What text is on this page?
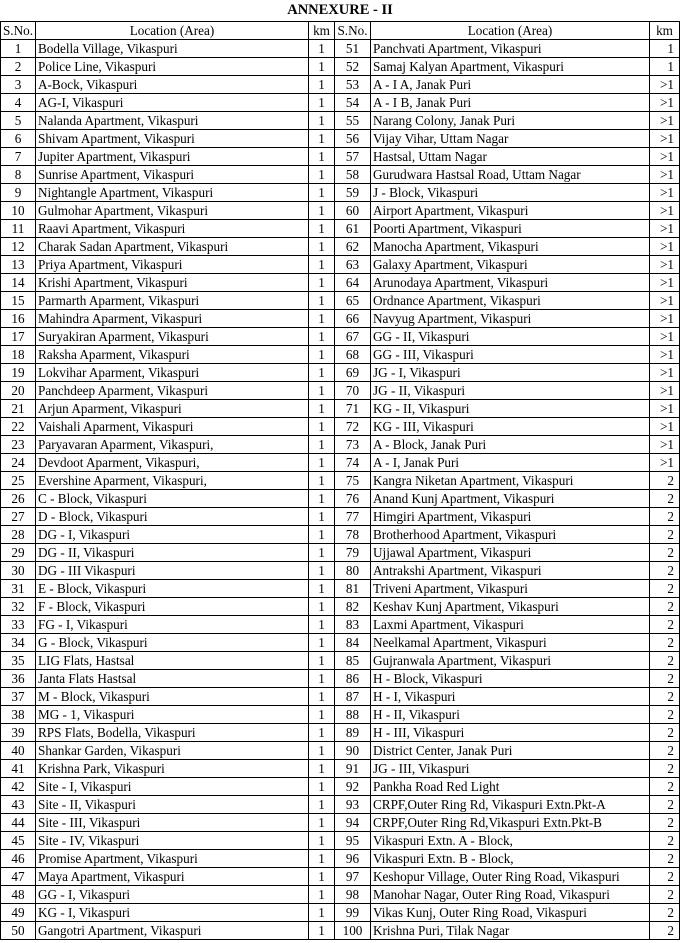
ANNEXURE - II
S.No.	Location (Area)	km	S.No.	Location (Area)	km
1	Bodella Village, Vikaspuri	1	51	Panchvati Apartment, Vikaspuri	1
2	Police Line, Vikaspuri	1	52	Samaj Kalyan Apartment, Vikaspuri	1
3	A-Bock, Vikaspuri	1	53	A - I A, Janak Puri	>1
4	AG-I, Vikaspuri	1	54	A - I B, Janak Puri	>1
5	Nalanda Apartment, Vikaspuri	1	55	Narang Colony, Janak Puri	>1
6	Shivam Apartment, Vikaspuri	1	56	Vijay Vihar, Uttam Nagar	>1
7	Jupiter Apartment, Vikaspuri	1	57	Hastsal, Uttam Nagar	>1
8	Sunrise Apartment, Vikaspuri	1	58	Gurudwara Hastsal Road, Uttam Nagar	>1
9	Nightangle Apartment, Vikaspuri	1	59	J - Block, Vikaspuri	>1
10	Gulmohar Apartment, Vikaspuri	1	60	Airport Apartment, Vikaspuri	>1
11	Raavi Apartment, Vikaspuri	1	61	Poorti Apartment, Vikaspuri	>1
12	Charak Sadan Apartment, Vikaspuri	1	62	Manocha Apartment, Vikaspuri	>1
13	Priya Apartment, Vikaspuri	1	63	Galaxy Apartment, Vikaspuri	>1
14	Krishi Apartment, Vikaspuri	1	64	Arunodaya Apartment, Vikaspuri	>1
15	Parmarth Aparment, Vikaspuri	1	65	Ordnance Apartment, Vikaspuri	>1
16	Mahindra Aparment, Vikaspuri	1	66	Navyug Apartment, Vikaspuri	>1
17	Suryakiran Aparment, Vikaspuri	1	67	GG - II, Vikaspuri	>1
18	Raksha Aparment, Vikaspuri	1	68	GG - III, Vikaspuri	>1
19	Lokvihar Aparment, Vikaspuri	1	69	JG - I, Vikaspuri	>1
20	Panchdeep Aparment, Vikaspuri	1	70	JG - II, Vikaspuri	>1
21	Arjun Aparment, Vikaspuri	1	71	KG - II, Vikaspuri	>1
22	Vaishali Aparment, Vikaspuri	1	72	KG - III, Vikaspuri	>1
23	Paryavaran Aparment, Vikaspuri,	1	73	A - Block, Janak Puri	>1
24	Devdoot Aparment, Vikaspuri,	1	74	A - I, Janak Puri	>1
25	Evershine Aparment, Vikaspuri,	1	75	Kangra Niketan Apartment, Vikaspuri	2
26	C - Block, Vikaspuri	1	76	Anand Kunj Apartment, Vikaspuri	2
27	D - Block, Vikaspuri	1	77	Himgiri Apartment, Vikaspuri	2
28	DG - I, Vikaspuri	1	78	Brotherhood Apartment, Vikaspuri	2
29	DG - II, Vikaspuri	1	79	Ujjawal Apartment, Vikaspuri	2
30	DG - III Vikaspuri	1	80	Antrakshi Apartment, Vikaspuri	2
31	E - Block, Vikaspuri	1	81	Triveni Apartment, Vikaspuri	2
32	F - Block, Vikaspuri	1	82	Keshav Kunj Apartment, Vikaspuri	2
33	FG - I, Vikaspuri	1	83	Laxmi Apartment, Vikaspuri	2
34	G - Block, Vikaspuri	1	84	Neelkamal Apartment, Vikaspuri	2
35	LIG Flats, Hastsal	1	85	Gujranwala Apartment, Vikaspuri	2
36	Janta Flats Hastsal	1	86	H - Block, Vikaspuri	2
37	M - Block, Vikaspuri	1	87	H - I, Vikaspuri	2
38	MG - 1, Vikaspuri	1	88	H - II, Vikaspuri	2
39	RPS Flats, Bodella, Vikaspuri	1	89	H - III, Vikaspuri	2
40	Shankar Garden, Vikaspuri	1	90	District Center, Janak Puri	2
41	Krishna Park, Vikaspuri	1	91	JG - III, Vikaspuri	2
42	Site - I, Vikaspuri	1	92	Pankha Road Red Light	2
43	Site - II, Vikaspuri	1	93	CRPF,Outer Ring Rd, Vikaspuri Extn.Pkt-A	2
44	Site - III, Vikaspuri	1	94	CRPF,Outer Ring Rd,Vikaspuri Extn.Pkt-B	2
45	Site - IV, Vikaspuri	1	95	Vikaspuri Extn. A - Block,	2
46	Promise Apartment, Vikaspuri	1	96	Vikaspuri Extn. B - Block,	2
47	Maya Apartment, Vikaspuri	1	97	Keshopur Village, Outer Ring Road, Vikaspuri	2
48	GG - I, Vikaspuri	1	98	Manohar Nagar, Outer Ring Road, Vikaspuri	2
49	KG - I, Vikaspuri	1	99	Vikas Kunj, Outer Ring Road, Vikaspuri	2
50	Gangotri Apartment, Vikaspuri	1	100	Krishna Puri, Tilak Nagar	2
